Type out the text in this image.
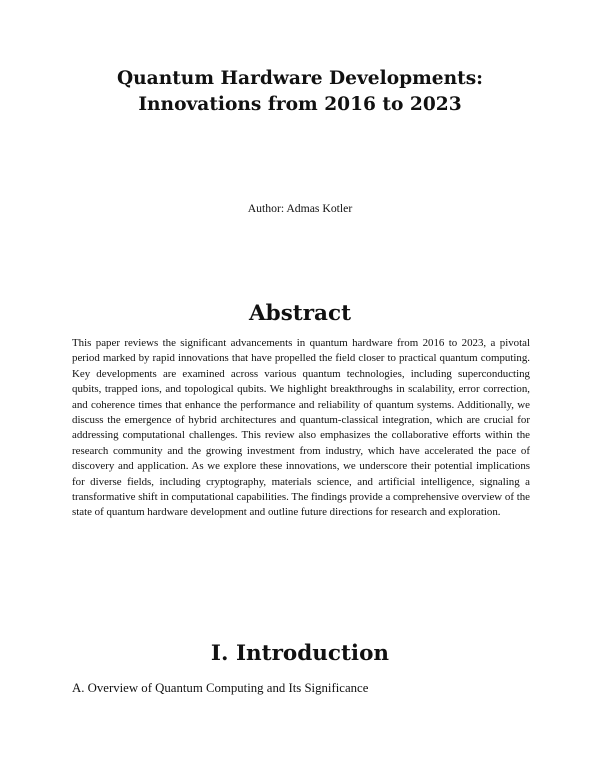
Quantum Hardware Developments:
Innovations from 2016 to 2023

Author: Admas Kotler

Abstract

This paper reviews the significant advancements in quantum hardware from 2016 to 2023, a pivotal period marked by rapid innovations that have propelled the field closer to practical quantum computing. Key developments are examined across various quantum technologies, including superconducting qubits, trapped ions, and topological qubits. We highlight breakthroughs in scalability, error correction, and coherence times that enhance the performance and reliability of quantum systems. Additionally, we discuss the emergence of hybrid architectures and quantum-classical integration, which are crucial for addressing computational challenges. This review also emphasizes the collaborative efforts within the research community and the growing investment from industry, which have accelerated the pace of discovery and application. As we explore these innovations, we underscore their potential implications for diverse fields, including cryptography, materials science, and artificial intelligence, signaling a transformative shift in computational capabilities. The findings provide a comprehensive overview of the state of quantum hardware development and outline future directions for research and exploration.

I. Introduction

A. Overview of Quantum Computing and Its Significance
